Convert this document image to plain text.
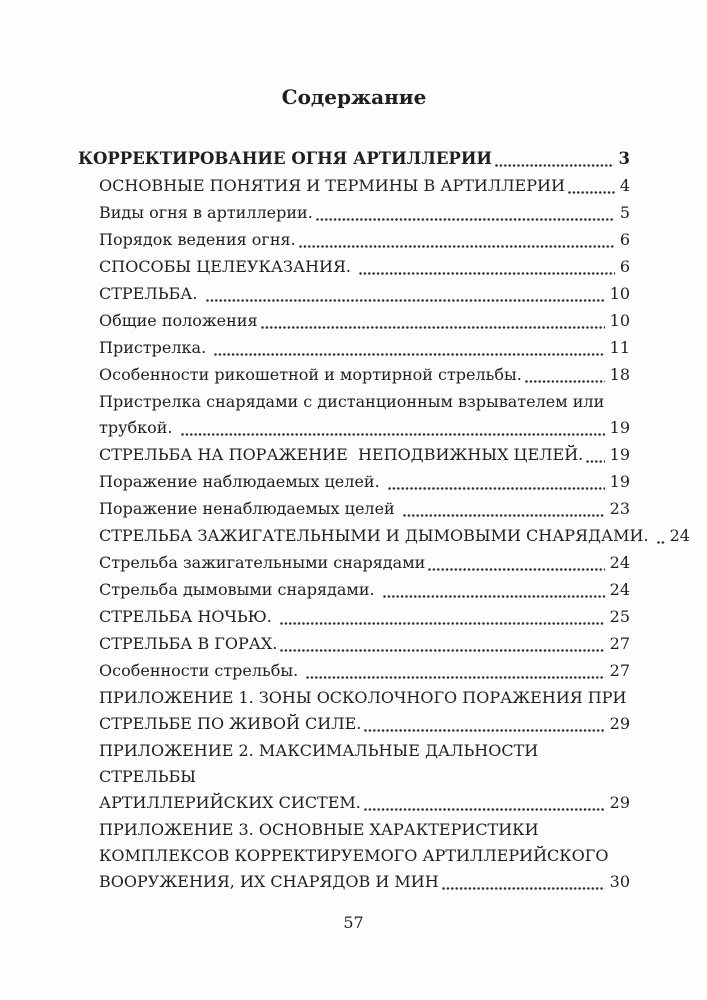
Содержание
КОРРЕКТИРОВАНИЕ ОГНЯ АРТИЛЛЕРИИ	3
ОСНОВНЫЕ ПОНЯТИЯ И ТЕРМИНЫ В АРТИЛЛЕРИИ	4
Виды огня в артиллерии.	5
Порядок ведения огня.	6
СПОСОБЫ ЦЕЛЕУКАЗАНИЯ.	6
СТРЕЛЬБА.	10
Общие положения	10
Пристрелка.	11
Особенности рикошетной и мортирной стрельбы.	18
Пристрелка снарядами с дистанционным взрывателем или
трубкой.	19
СТРЕЛЬБА НА ПОРАЖЕНИЕ  НЕПОДВИЖНЫХ ЦЕЛЕЙ. 19
Поражение наблюдаемых целей.	19
Поражение ненаблюдаемых целей	23
СТРЕЛЬБА ЗАЖИГАТЕЛЬНЫМИ И ДЫМОВЫМИ СНАРЯДАМИ. 24
Стрельба зажигательными снарядами	24
Стрельба дымовыми снарядами.	24
СТРЕЛЬБА НОЧЬЮ.	25
СТРЕЛЬБА В ГОРАХ.	27
Особенности стрельбы.	27
ПРИЛОЖЕНИЕ 1. ЗОНЫ ОСКОЛОЧНОГО ПОРАЖЕНИЯ ПРИ
СТРЕЛЬБЕ ПО ЖИВОЙ СИЛЕ.	29
ПРИЛОЖЕНИЕ 2. МАКСИМАЛЬНЫЕ ДАЛЬНОСТИ СТРЕЛЬБЫ
АРТИЛЛЕРИЙСКИХ СИСТЕМ.	29
ПРИЛОЖЕНИЕ 3. ОСНОВНЫЕ ХАРАКТЕРИСТИКИ
КОМПЛЕКСОВ КОРРЕКТИРУЕМОГО АРТИЛЛЕРИЙСКОГО
ВООРУЖЕНИЯ, ИХ СНАРЯДОВ И МИН	30
57
